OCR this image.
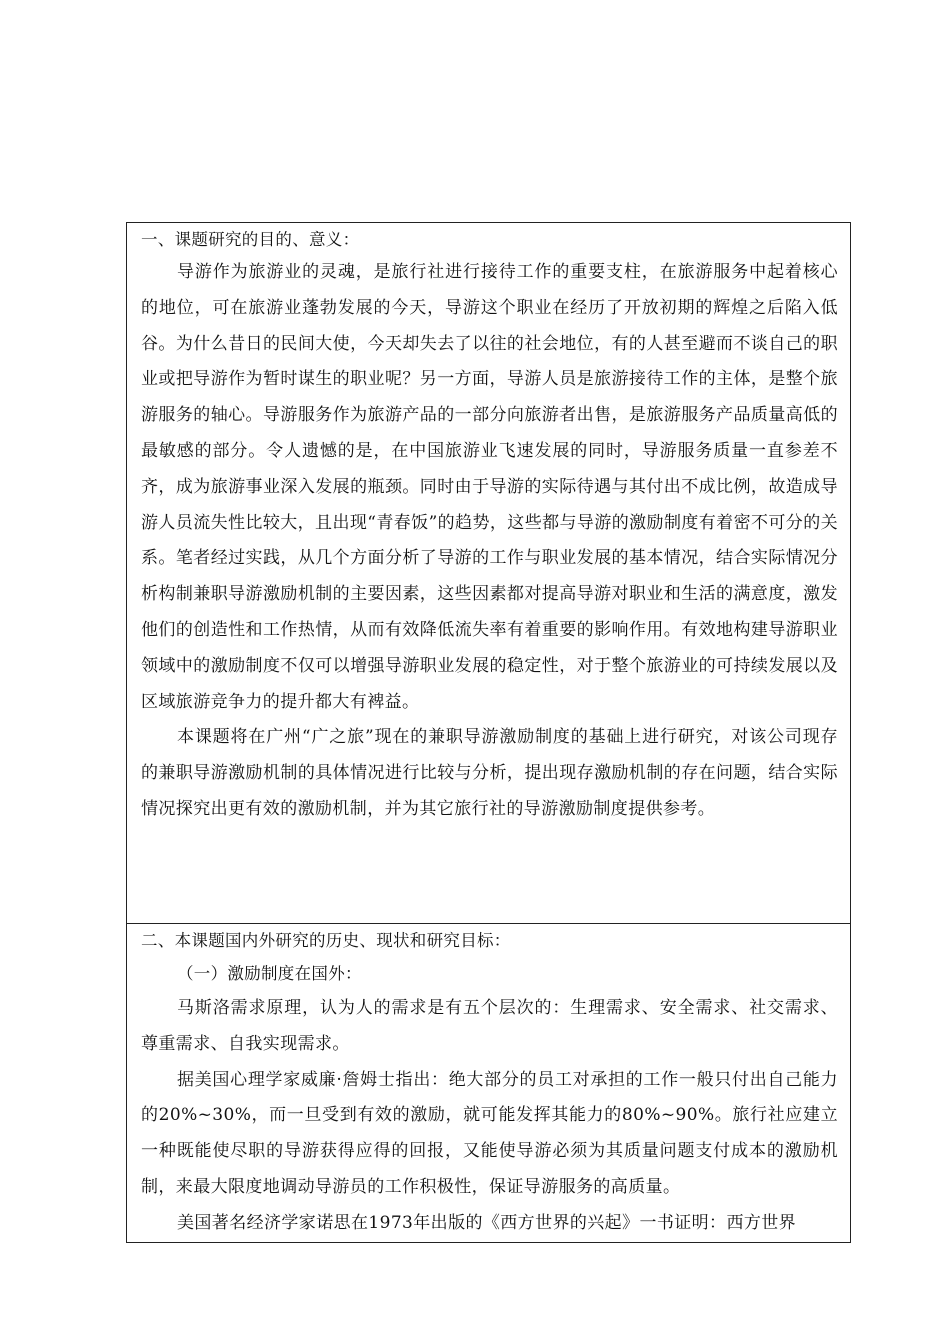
一、课题研究的目的、意义：

导游作为旅游业的灵魂，是旅行社进行接待工作的重要支柱，在旅游服务中起着核心的地位，可在旅游业蓬勃发展的今天，导游这个职业在经历了开放初期的辉煌之后陷入低谷。为什么昔日的民间大使，今天却失去了以往的社会地位，有的人甚至避而不谈自己的职业或把导游作为暂时谋生的职业呢？另一方面，导游人员是旅游接待工作的主体，是整个旅游服务的轴心。导游服务作为旅游产品的一部分向旅游者出售，是旅游服务产品质量高低的最敏感的部分。令人遗憾的是，在中国旅游业飞速发展的同时，导游服务质量一直参差不齐，成为旅游事业深入发展的瓶颈。同时由于导游的实际待遇与其付出不成比例，故造成导游人员流失性比较大，且出现“青春饭”的趋势，这些都与导游的激励制度有着密不可分的关系。笔者经过实践，从几个方面分析了导游的工作与职业发展的基本情况，结合实际情况分析构制兼职导游激励机制的主要因素，这些因素都对提高导游对职业和生活的满意度，激发他们的创造性和工作热情，从而有效降低流失率有着重要的影响作用。有效地构建导游职业领域中的激励制度不仅可以增强导游职业发展的稳定性，对于整个旅游业的可持续发展以及区域旅游竞争力的提升都大有裨益。

本课题将在广州“广之旅”现在的兼职导游激励制度的基础上进行研究，对该公司现存的兼职导游激励机制的具体情况进行比较与分析，提出现存激励机制的存在问题，结合实际情况探究出更有效的激励机制，并为其它旅行社的导游激励制度提供参考。

二、本课题国内外研究的历史、现状和研究目标：

（一）激励制度在国外：

马斯洛需求原理，认为人的需求是有五个层次的：生理需求、安全需求、社交需求、尊重需求、自我实现需求。

据美国心理学家威廉·詹姆士指出：绝大部分的员工对承担的工作一般只付出自己能力的20%~30%，而一旦受到有效的激励，就可能发挥其能力的80%~90%。旅行社应建立一种既能使尽职的导游获得应得的回报，又能使导游必须为其质量问题支付成本的激励机制，来最大限度地调动导游员的工作积极性，保证导游服务的高质量。

美国著名经济学家诺思在1973年出版的《西方世界的兴起》一书证明：西方世界
